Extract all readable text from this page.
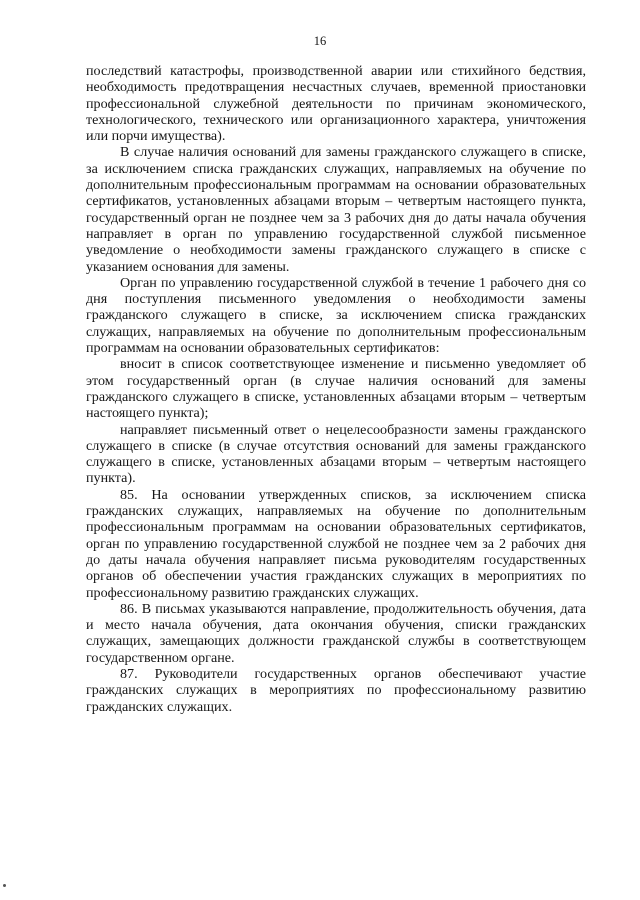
16

последствий катастрофы, производственной аварии или стихийного бедствия, необходимость предотвращения несчастных случаев, временной приостановки профессиональной служебной деятельности по причинам экономического, технологического, технического или организационного характера, уничтожения или порчи имущества).

В случае наличия оснований для замены гражданского служащего в списке, за исключением списка гражданских служащих, направляемых на обучение по дополнительным профессиональным программам на основании образовательных сертификатов, установленных абзацами вторым – четвертым настоящего пункта, государственный орган не позднее чем за 3 рабочих дня до даты начала обучения направляет в орган по управлению государственной службой письменное уведомление о необходимости замены гражданского служащего в списке с указанием основания для замены.

Орган по управлению государственной службой в течение 1 рабочего дня со дня поступления письменного уведомления о необходимости замены гражданского служащего в списке, за исключением списка гражданских служащих, направляемых на обучение по дополнительным профессиональным программам на основании образовательных сертификатов:

вносит в список соответствующее изменение и письменно уведомляет об этом государственный орган (в случае наличия оснований для замены гражданского служащего в списке, установленных абзацами вторым – четвертым настоящего пункта);

направляет письменный ответ о нецелесообразности замены гражданского служащего в списке (в случае отсутствия оснований для замены гражданского служащего в списке, установленных абзацами вторым – четвертым настоящего пункта).

85. На основании утвержденных списков, за исключением списка гражданских служащих, направляемых на обучение по дополнительным профессиональным программам на основании образовательных сертификатов, орган по управлению государственной службой не позднее чем за 2 рабочих дня до даты начала обучения направляет письма руководителям государственных органов об обеспечении участия гражданских служащих в мероприятиях по профессиональному развитию гражданских служащих.

86. В письмах указываются направление, продолжительность обучения, дата и место начала обучения, дата окончания обучения, списки гражданских служащих, замещающих должности гражданской службы в соответствующем государственном органе.

87. Руководители государственных органов обеспечивают участие гражданских служащих в мероприятиях по профессиональному развитию гражданских служащих.
